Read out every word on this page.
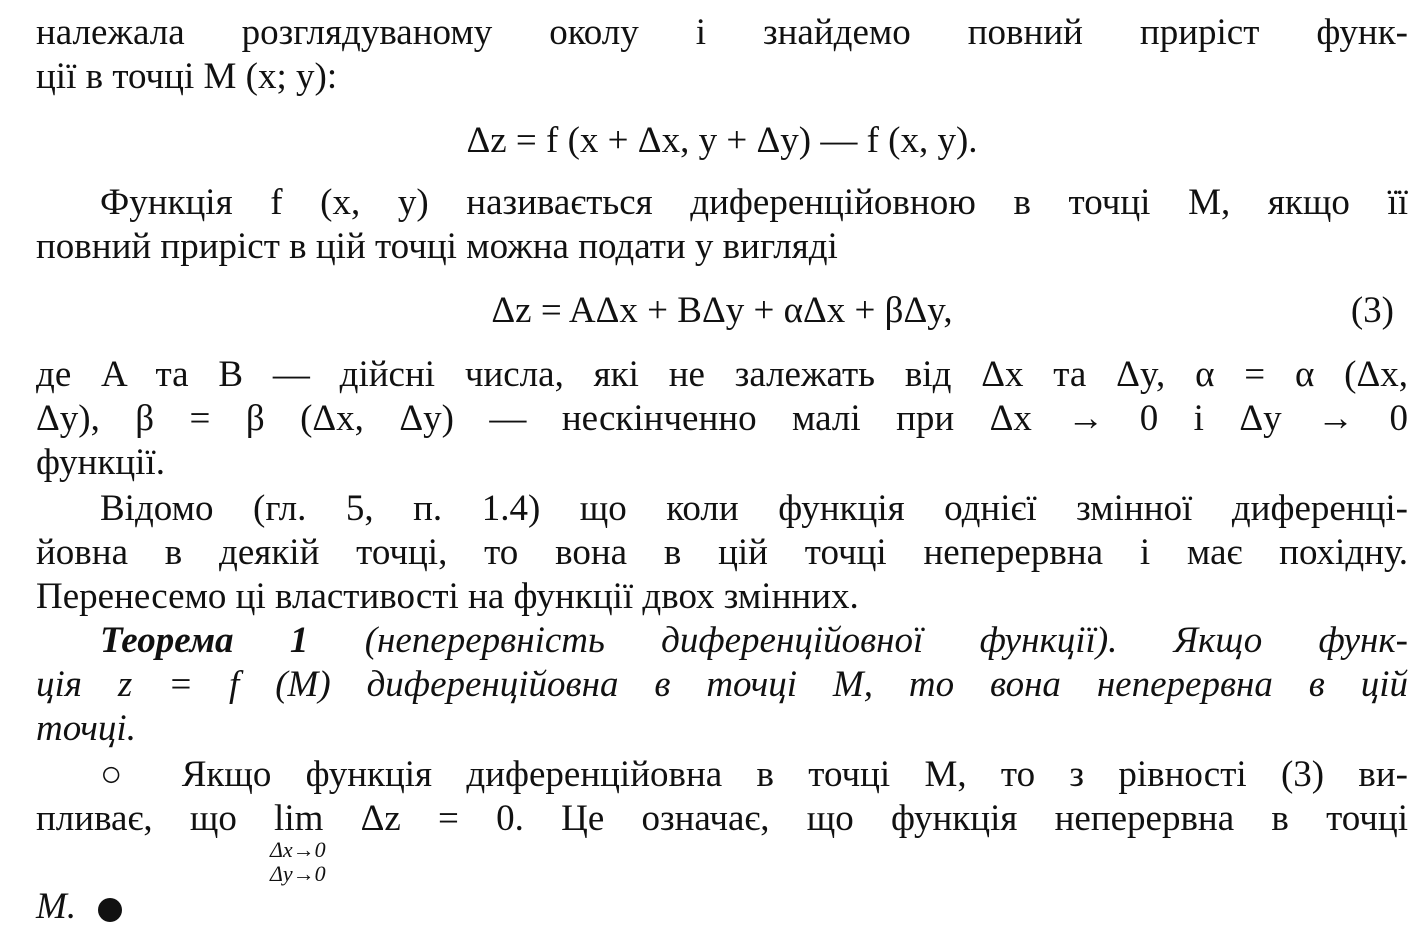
належала розглядуваному околу і знайдемо повний приріст функ-
ції в точці M (x; y):
Δz = f (x + Δx, y + Δy) — f (x, y).
Функція f (x, y) називається диференційовною в точці M, якщо її
повний приріст в цій точці можна подати у вигляді
Δz = AΔx + BΔy + αΔx + βΔy,	(3)
де A та B — дійсні числа, які не залежать від Δx та Δy, α = α (Δx,
Δy), β = β (Δx, Δy) — нескінченно малі при Δx → 0 і Δy → 0
функції.
Відомо (гл. 5, п. 1.4) що коли функція однієї змінної диференці-
йовна в деякій точці, то вона в цій точці неперервна і має похідну.
Перенесемо ці властивості на функції двох змінних.
Теорема 1 (неперервність диференційовної функції). Якщо функ-
ція z = f (M) диференційовна в точці M, то вона неперервна в цій
точці.
○ Якщо функція диференційовна в точці M, то з рівності (3) ви-
пливає, що lim Δz = 0. Це означає, що функція неперервна в точці
Δx→0
Δy→0
M.
